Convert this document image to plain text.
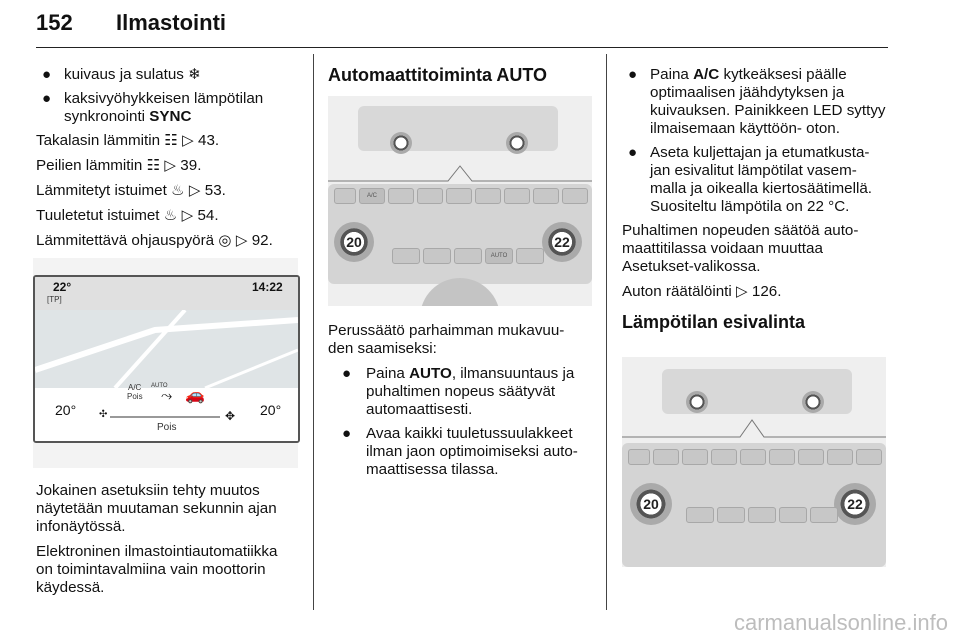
152 Ilmastointi
● kuivaus ja sulatus ❄
● kaksivyöhykkeisen lämpötilan synkronointi SYNC

Takalasin lämmitin ☷ ▷ 43.

Peilien lämmitin ☷ ▷ 39.

Lämmitetyt istuimet ♨ ▷ 53.

Tuuletetut istuimet ♨ ▷ 54.

Lämmitettävä ohjauspyörä ◎ ▷ 92.

22°
[TP]
14:22
A/C
Pois
AUTO
⤳ 🚗
20°	20°
✣	✥
Pois

Jokainen asetuksiin tehty muutos näytetään muutaman sekunnin ajan infonäytössä.

Elektroninen ilmastointiautomatiikka on toimintavalmiina vain moottorin käydessä.

Automaattitoiminta AUTO

A/C

20	22

AUTO

Perussäätö parhaimman mukavuu- den saamiseksi:

● Paina AUTO, ilmansuuntaus ja puhaltimen nopeus säätyvät automaattisesti.
● Avaa kaikki tuuletussuulakkeet ilman jaon optimoimiseksi auto- maattisessa tilassa.
● Paina A/C kytkeäksesi päälle optimaalisen jäähdytyksen ja kuivauksen. Painikkeen LED syttyy ilmaisemaan käyttöön- oton.
● Aseta kuljettajan ja etumatkusta- jan esivalitut lämpötilat vasem- malla ja oikealla kiertosäätimellä. Suositeltu lämpötila on 22 °C.

Puhaltimen nopeuden säätöä auto- maattitilassa voidaan muuttaa Asetukset-valikossa.

Auton räätälöinti ▷ 126.

Lämpötilan esivalinta

20	22

carmanualsonline.info
